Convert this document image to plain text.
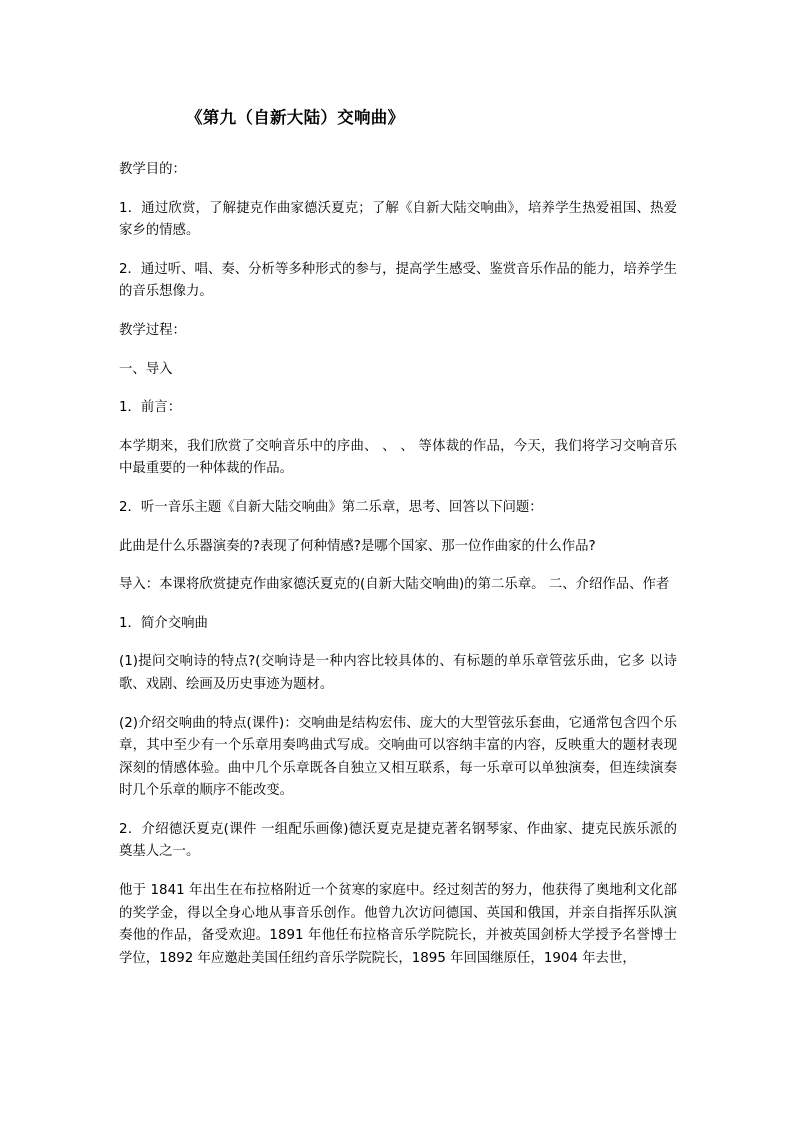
《第九（自新大陆）交响曲》

教学目的：

1．通过欣赏，了解捷克作曲家德沃夏克；了解《自新大陆交响曲》，培养学生热爱祖国、热爱家乡的情感。

2．通过听、唱、奏、分析等多种形式的参与，提高学生感受、鉴赏音乐作品的能力，培养学生的音乐想像力。

教学过程：

一、导入

1．前言：

本学期来，我们欣赏了交响音乐中的序曲、 、 、 等体裁的作品，今天，我们将学习交响音乐中最重要的一种体裁的作品。

2．听一音乐主题《自新大陆交响曲》第二乐章，思考、回答以下问题：

此曲是什么乐器演奏的?表现了何种情感?是哪个国家、那一位作曲家的什么作品?

导入：本课将欣赏捷克作曲家德沃夏克的(自新大陆交响曲)的第二乐章。 二、介绍作品、作者

1．简介交响曲

(1)提问交响诗的特点?(交响诗是一种内容比较具体的、有标题的单乐章管弦乐曲，它多 以诗歌、戏剧、绘画及历史事迹为题材。

(2)介绍交响曲的特点(课件)：交响曲是结构宏伟、庞大的大型管弦乐套曲，它通常包含四个乐章，其中至少有一个乐章用奏鸣曲式写成。交响曲可以容纳丰富的内容，反映重大的题材表现深刻的情感体验。曲中几个乐章既各自独立又相互联系，每一乐章可以单独演奏，但连续演奏时几个乐章的顺序不能改变。

2．介绍德沃夏克(课件 一组配乐画像)德沃夏克是捷克著名钢琴家、作曲家、捷克民族乐派的奠基人之一。

他于 1841 年出生在布拉格附近一个贫寒的家庭中。经过刻苦的努力，他获得了奥地利文化部的奖学金，得以全身心地从事音乐创作。他曾九次访问德国、英国和俄国，并亲自指挥乐队演奏他的作品，备受欢迎。1891 年他任布拉格音乐学院院长，并被英国剑桥大学授予名誉博士学位，1892 年应邀赴美国任纽约音乐学院院长，1895 年回国继原任，1904 年去世，
